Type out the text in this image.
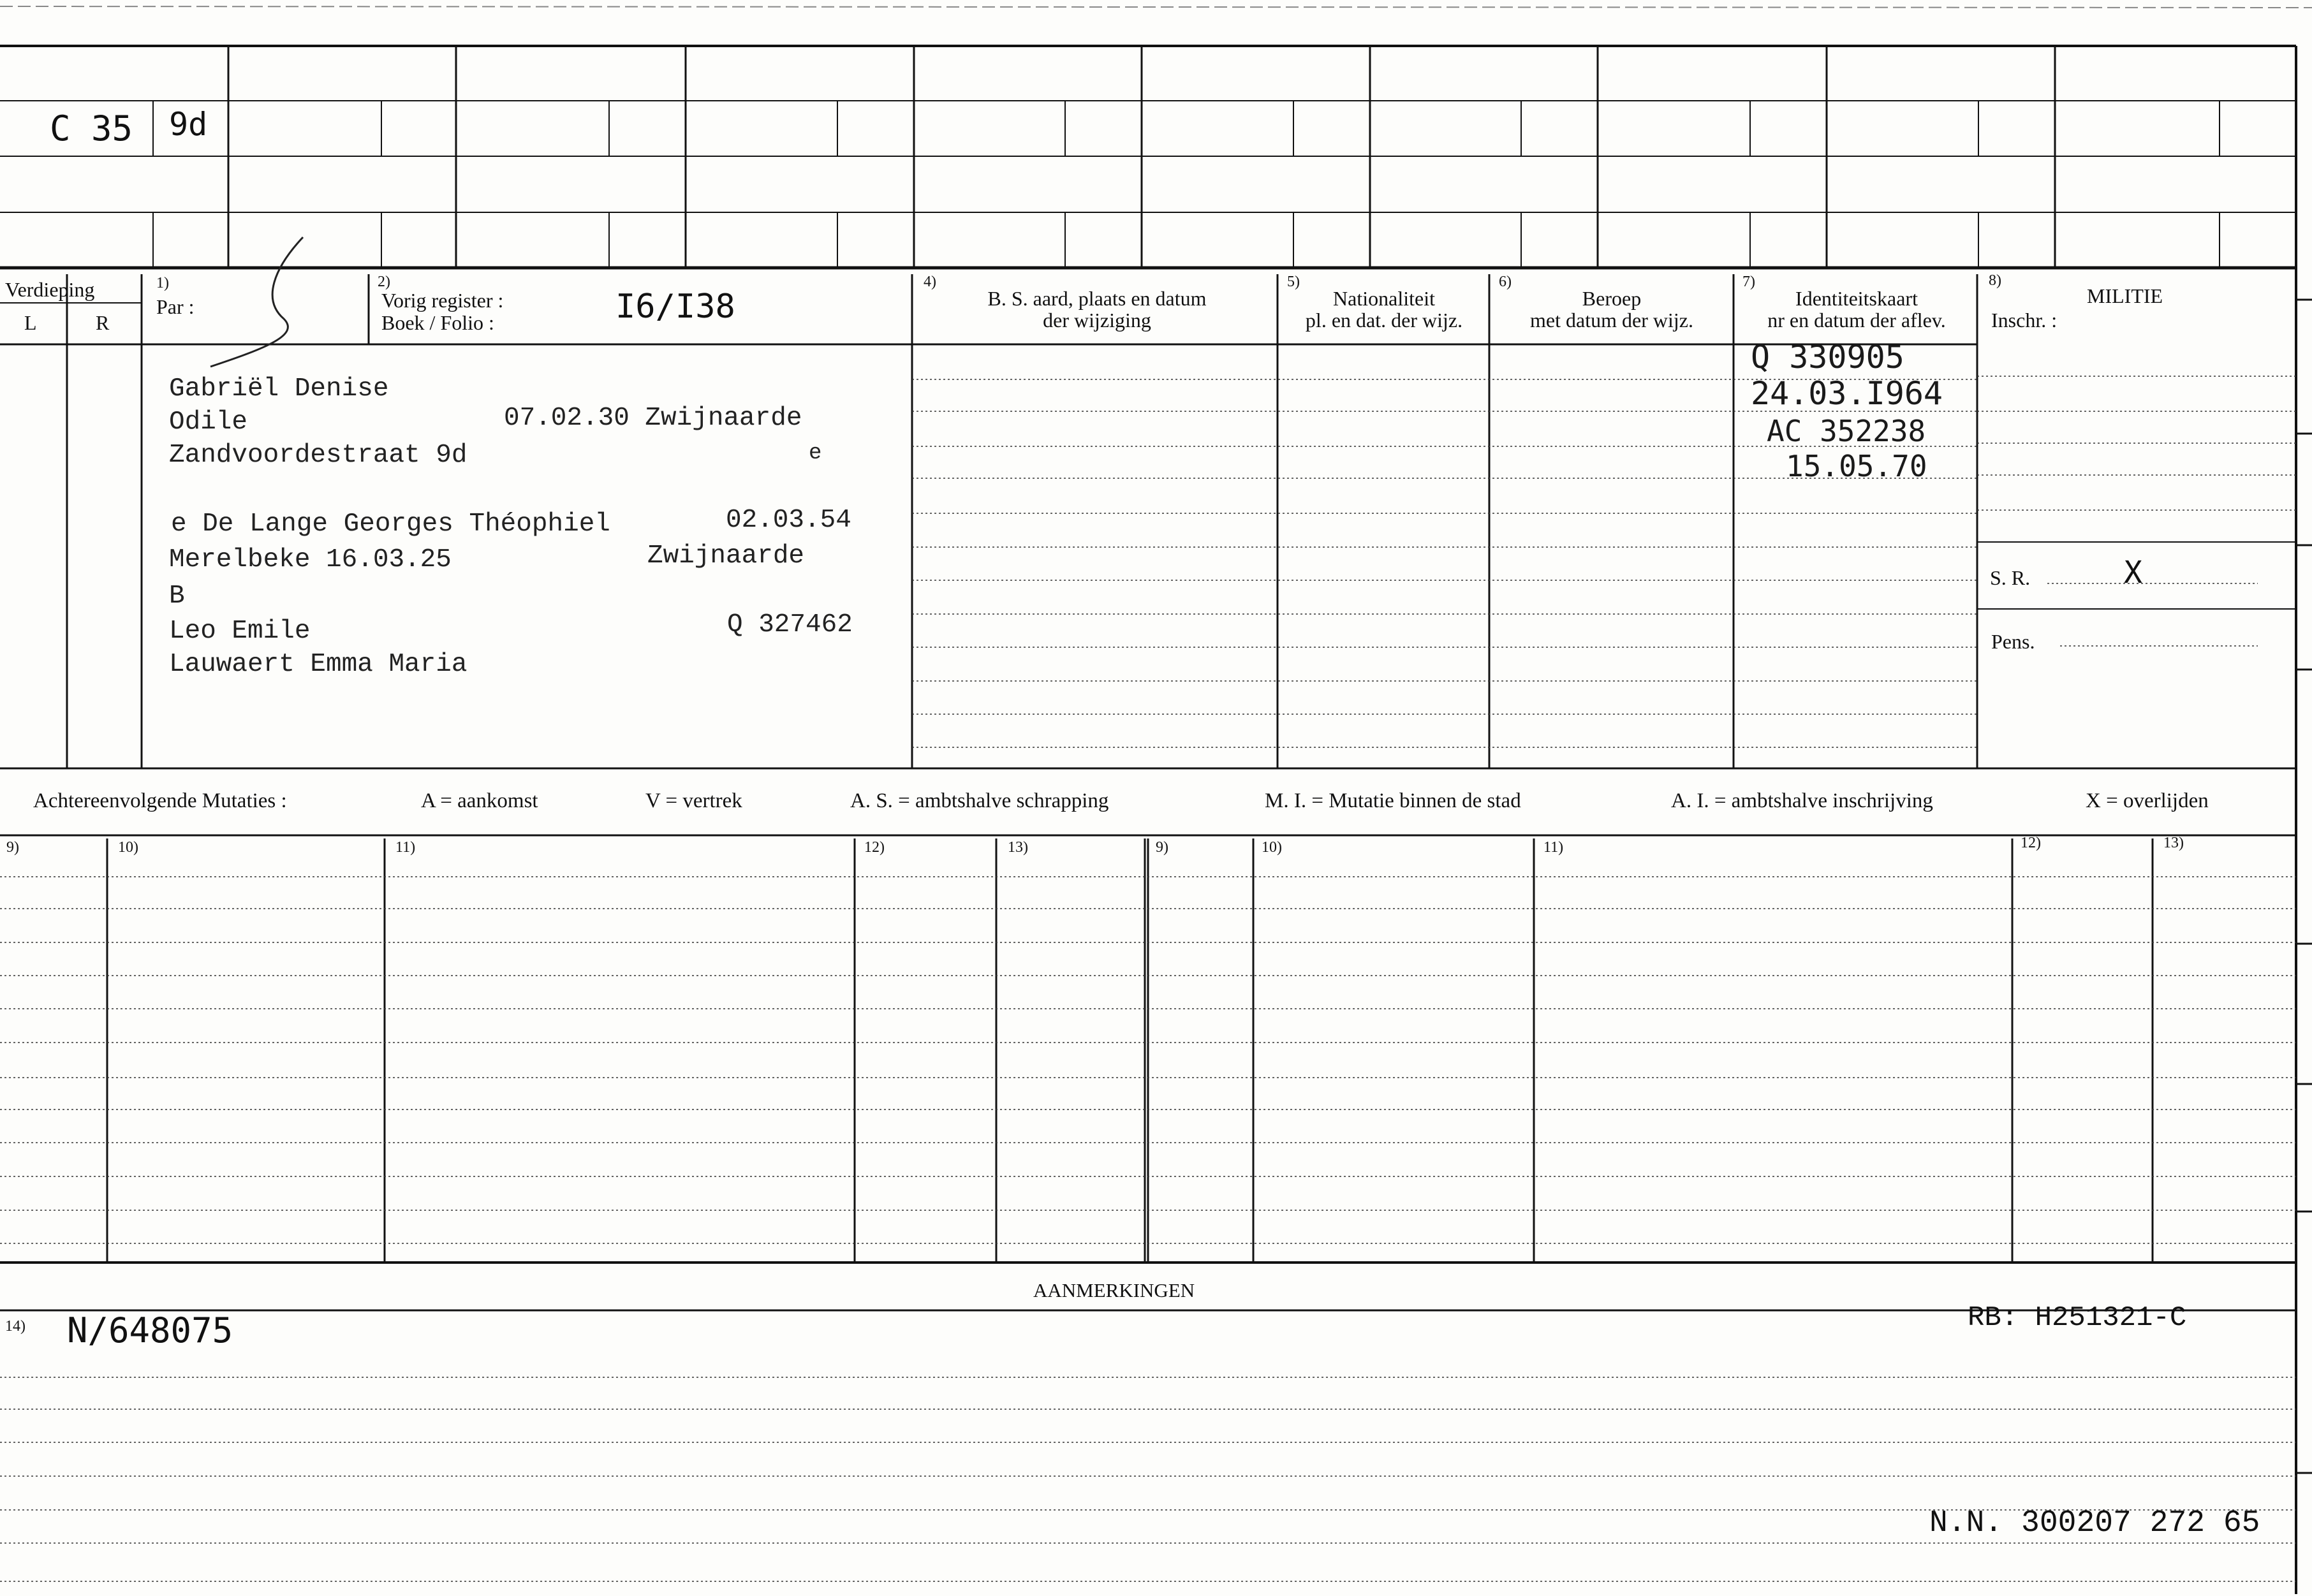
C 35 9d
Verdieping
L	R
1)
Par :
2)
Vorig register :
Boek / Folio :	I6/I38
4)
B. S. aard, plaats en datum
der wijziging
5)
Nationaliteit
pl. en dat. der wijz.
6)
Beroep
met datum der wijz.
7)
Identiteitskaart
nr en datum der aflev.
8)
MILITIE
Inschr. :
Gabriël Denise
Odile	07.02.30 Zwijnaarde
Zandvoordestraat 9d	e
e De Lange Georges Théophiel	02.03.54
Merelbeke 16.03.25	Zwijnaarde
B
Leo Emile	Q 327462
Lauwaert Emma Maria
Q 330905
24.03.I964
AC 352238
15.05.70
S. R.	X
Pens.
Achtereenvolgende Mutaties :	A = aankomst	V = vertrek	A. S. = ambtshalve schrapping	M. I. = Mutatie binnen de stad	A. I. = ambtshalve inschrijving	X = overlijden
9)	10)	11)	12)	13)	9)	10)	11)	12)	13)
AANMERKINGEN
14) N/648075	RB: H251321-C
N.N. 300207 272 65
